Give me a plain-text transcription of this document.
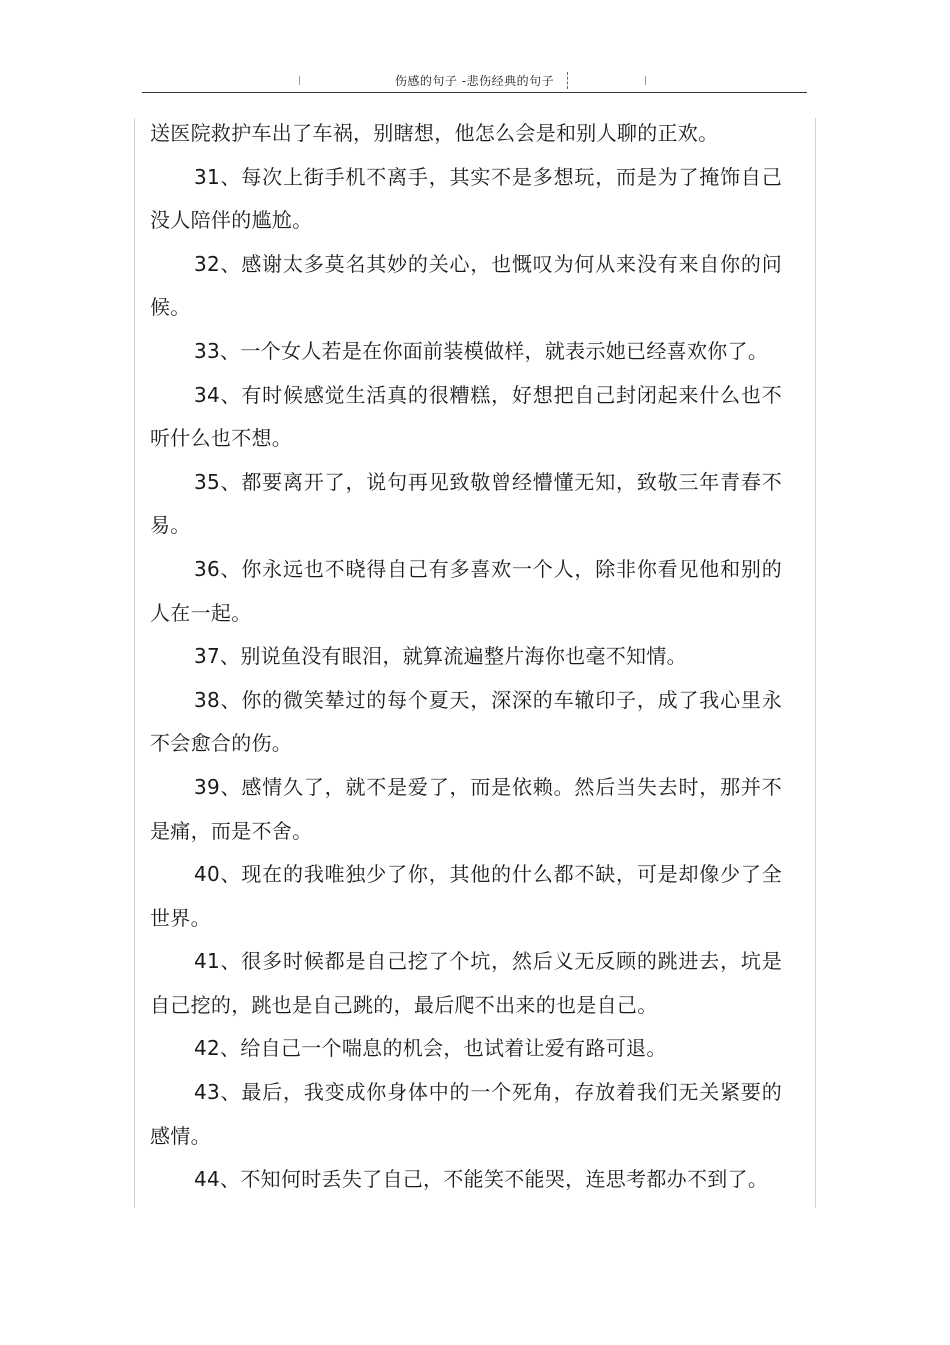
伤感的句子 -悲伤经典的句子

送医院救护车出了车祸，别瞎想，他怎么会是和别人聊的正欢。

31、每次上街手机不离手，其实不是多想玩，而是为了掩饰自己没人陪伴的尴尬。

32、感谢太多莫名其妙的关心，也慨叹为何从来没有来自你的问候。

33、一个女人若是在你面前装模做样，就表示她已经喜欢你了。

34、有时候感觉生活真的很糟糕，好想把自己封闭起来什么也不听什么也不想。

35、都要离开了，说句再见致敬曾经懵懂无知，致敬三年青春不易。

36、你永远也不晓得自己有多喜欢一个人，除非你看见他和别的人在一起。

37、别说鱼没有眼泪，就算流遍整片海你也毫不知情。

38、你的微笑辇过的每个夏天，深深的车辙印子，成了我心里永不会愈合的伤。

39、感情久了，就不是爱了，而是依赖。然后当失去时，那并不是痛，而是不舍。

40、现在的我唯独少了你，其他的什么都不缺，可是却像少了全世界。

41、很多时候都是自己挖了个坑，然后义无反顾的跳进去，坑是自己挖的，跳也是自己跳的，最后爬不出来的也是自己。

42、给自己一个喘息的机会，也试着让爱有路可退。

43、最后，我变成你身体中的一个死角，存放着我们无关紧要的感情。

44、不知何时丢失了自己，不能笑不能哭，连思考都办不到了。
